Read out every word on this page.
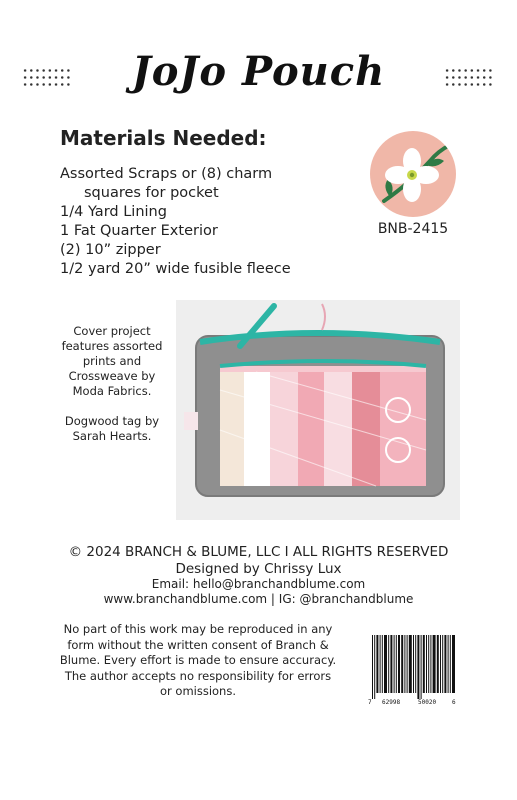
JoJo Pouch
Materials Needed:
Assorted Scraps or (8) charm
squares for pocket
1/4 Yard Lining
1 Fat Quarter Exterior
(2) 10” zipper
1/2 yard 20” wide fusible fleece
BNB-2415

Cover project features assorted prints and Crossweave by Moda Fabrics.

Dogwood tag by Sarah Hearts.

© 2024 BRANCH & BLUME, LLC I ALL RIGHTS RESERVED
Designed by Chrissy Lux
Email: hello@branchandblume.com
www.branchandblume.com | IG: @branchandblume

No part of this work may be reproduced in any form without the written consent of Branch & Blume. Every effort is made to ensure accuracy. The author accepts no responsibility for errors or omissions.

7 62998	50020	6
